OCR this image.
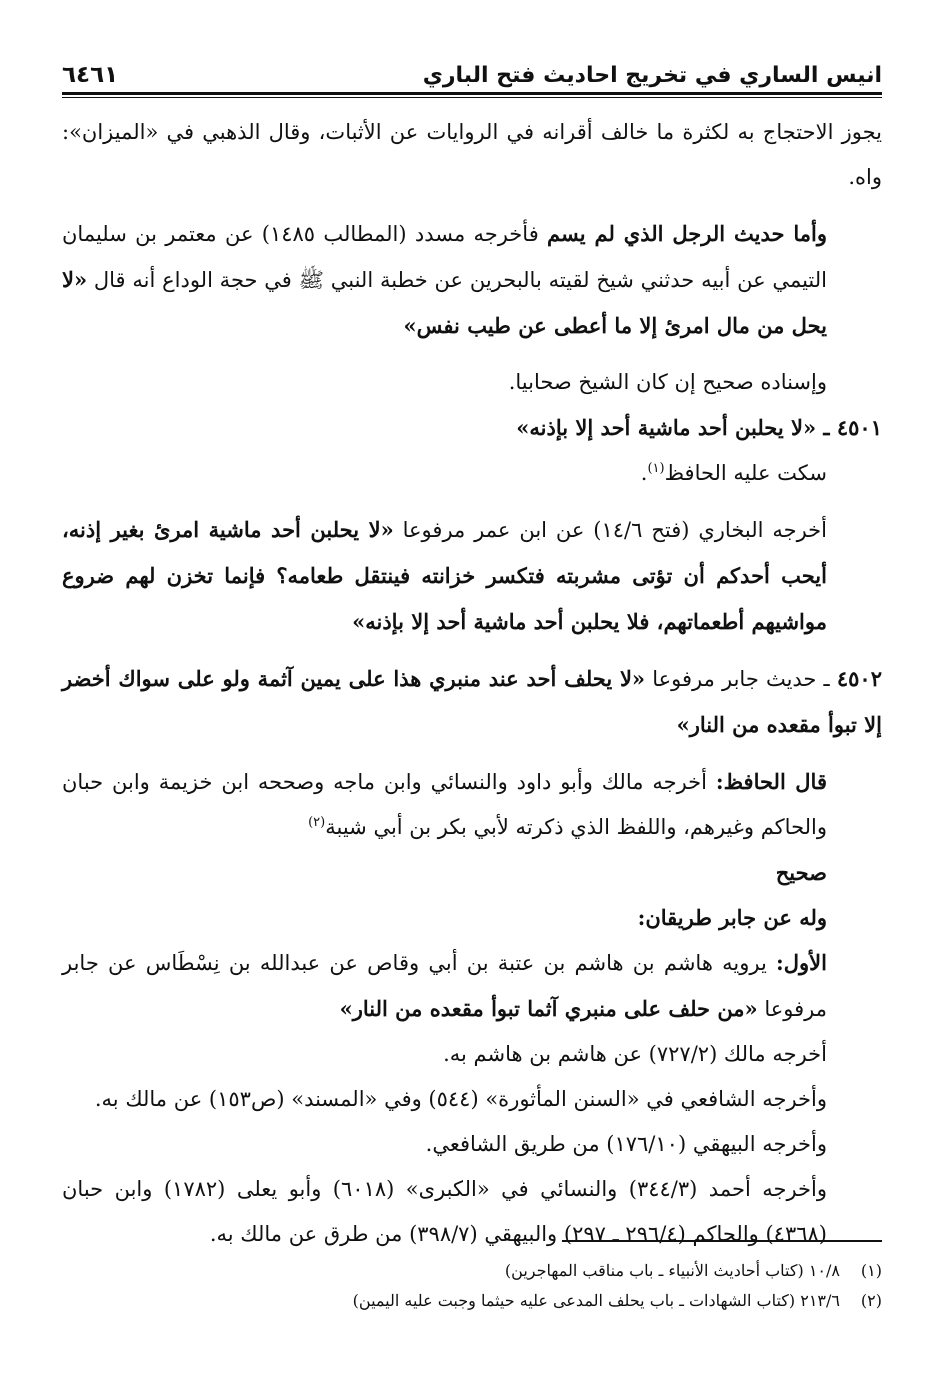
انيس الساري في تخريج احاديث فتح الباري
٦٤٦١

يجوز الاحتجاج به لكثرة ما خالف أقرانه في الروايات عن الأثبات، وقال الذهبي في «الميزان»: واه.

وأما حديث الرجل الذي لم يسم فأخرجه مسدد (المطالب ١٤٨٥) عن معتمر بن سليمان التيمي عن أبيه حدثني شيخ لقيته بالبحرين عن خطبة النبي ﷺ في حجة الوداع أنه قال «لا يحل من مال امرئ إلا ما أعطى عن طيب نفس»

وإسناده صحيح إن كان الشيخ صحابيا.

٤٥٠١ ـ «لا يحلبن أحد ماشية أحد إلا بإذنه»

سكت عليه الحافظ$^{(١)}$.

أخرجه البخاري (فتح ١٤/٦) عن ابن عمر مرفوعا «لا يحلبن أحد ماشية امرئ بغير إذنه، أيحب أحدكم أن تؤتى مشربته فتكسر خزانته فينتقل طعامه؟ فإنما تخزن لهم ضروع مواشيهم أطعماتهم، فلا يحلبن أحد ماشية أحد إلا بإذنه»

٤٥٠٢ ـ حديث جابر مرفوعا «لا يحلف أحد عند منبري هذا على يمين آثمة ولو على سواك أخضر إلا تبوأ مقعده من النار»

قال الحافظ: أخرجه مالك وأبو داود والنسائي وابن ماجه وصححه ابن خزيمة وابن حبان والحاكم وغيرهم، واللفظ الذي ذكرته لأبي بكر بن أبي شيبة$^{(٢)}$

صحيح

وله عن جابر طريقان:

الأول: يرويه هاشم بن هاشم بن عتبة بن أبي وقاص عن عبدالله بن نِسْطَاس عن جابر مرفوعا «من حلف على منبري آثما تبوأ مقعده من النار»

أخرجه مالك (٧٢٧/٢) عن هاشم بن هاشم به.

وأخرجه الشافعي في «السنن المأثورة» (٥٤٤) وفي «المسند» (ص١٥٣) عن مالك به.

وأخرجه البيهقي (١٧٦/١٠) من طريق الشافعي.

وأخرجه أحمد (٣٤٤/٣) والنسائي في «الكبرى» (٦٠١٨) وأبو يعلى (١٧٨٢) وابن حبان (٤٣٦٨) والحاكم (٢٩٦/٤ ـ ٢٩٧) والبيهقي (٣٩٨/٧) من طرق عن مالك به.

(١)١٠/٨ (كتاب أحاديث الأنبياء ـ باب مناقب المهاجرين)
(٢)٢١٣/٦ (كتاب الشهادات ـ باب يحلف المدعى عليه حيثما وجبت عليه اليمين)
